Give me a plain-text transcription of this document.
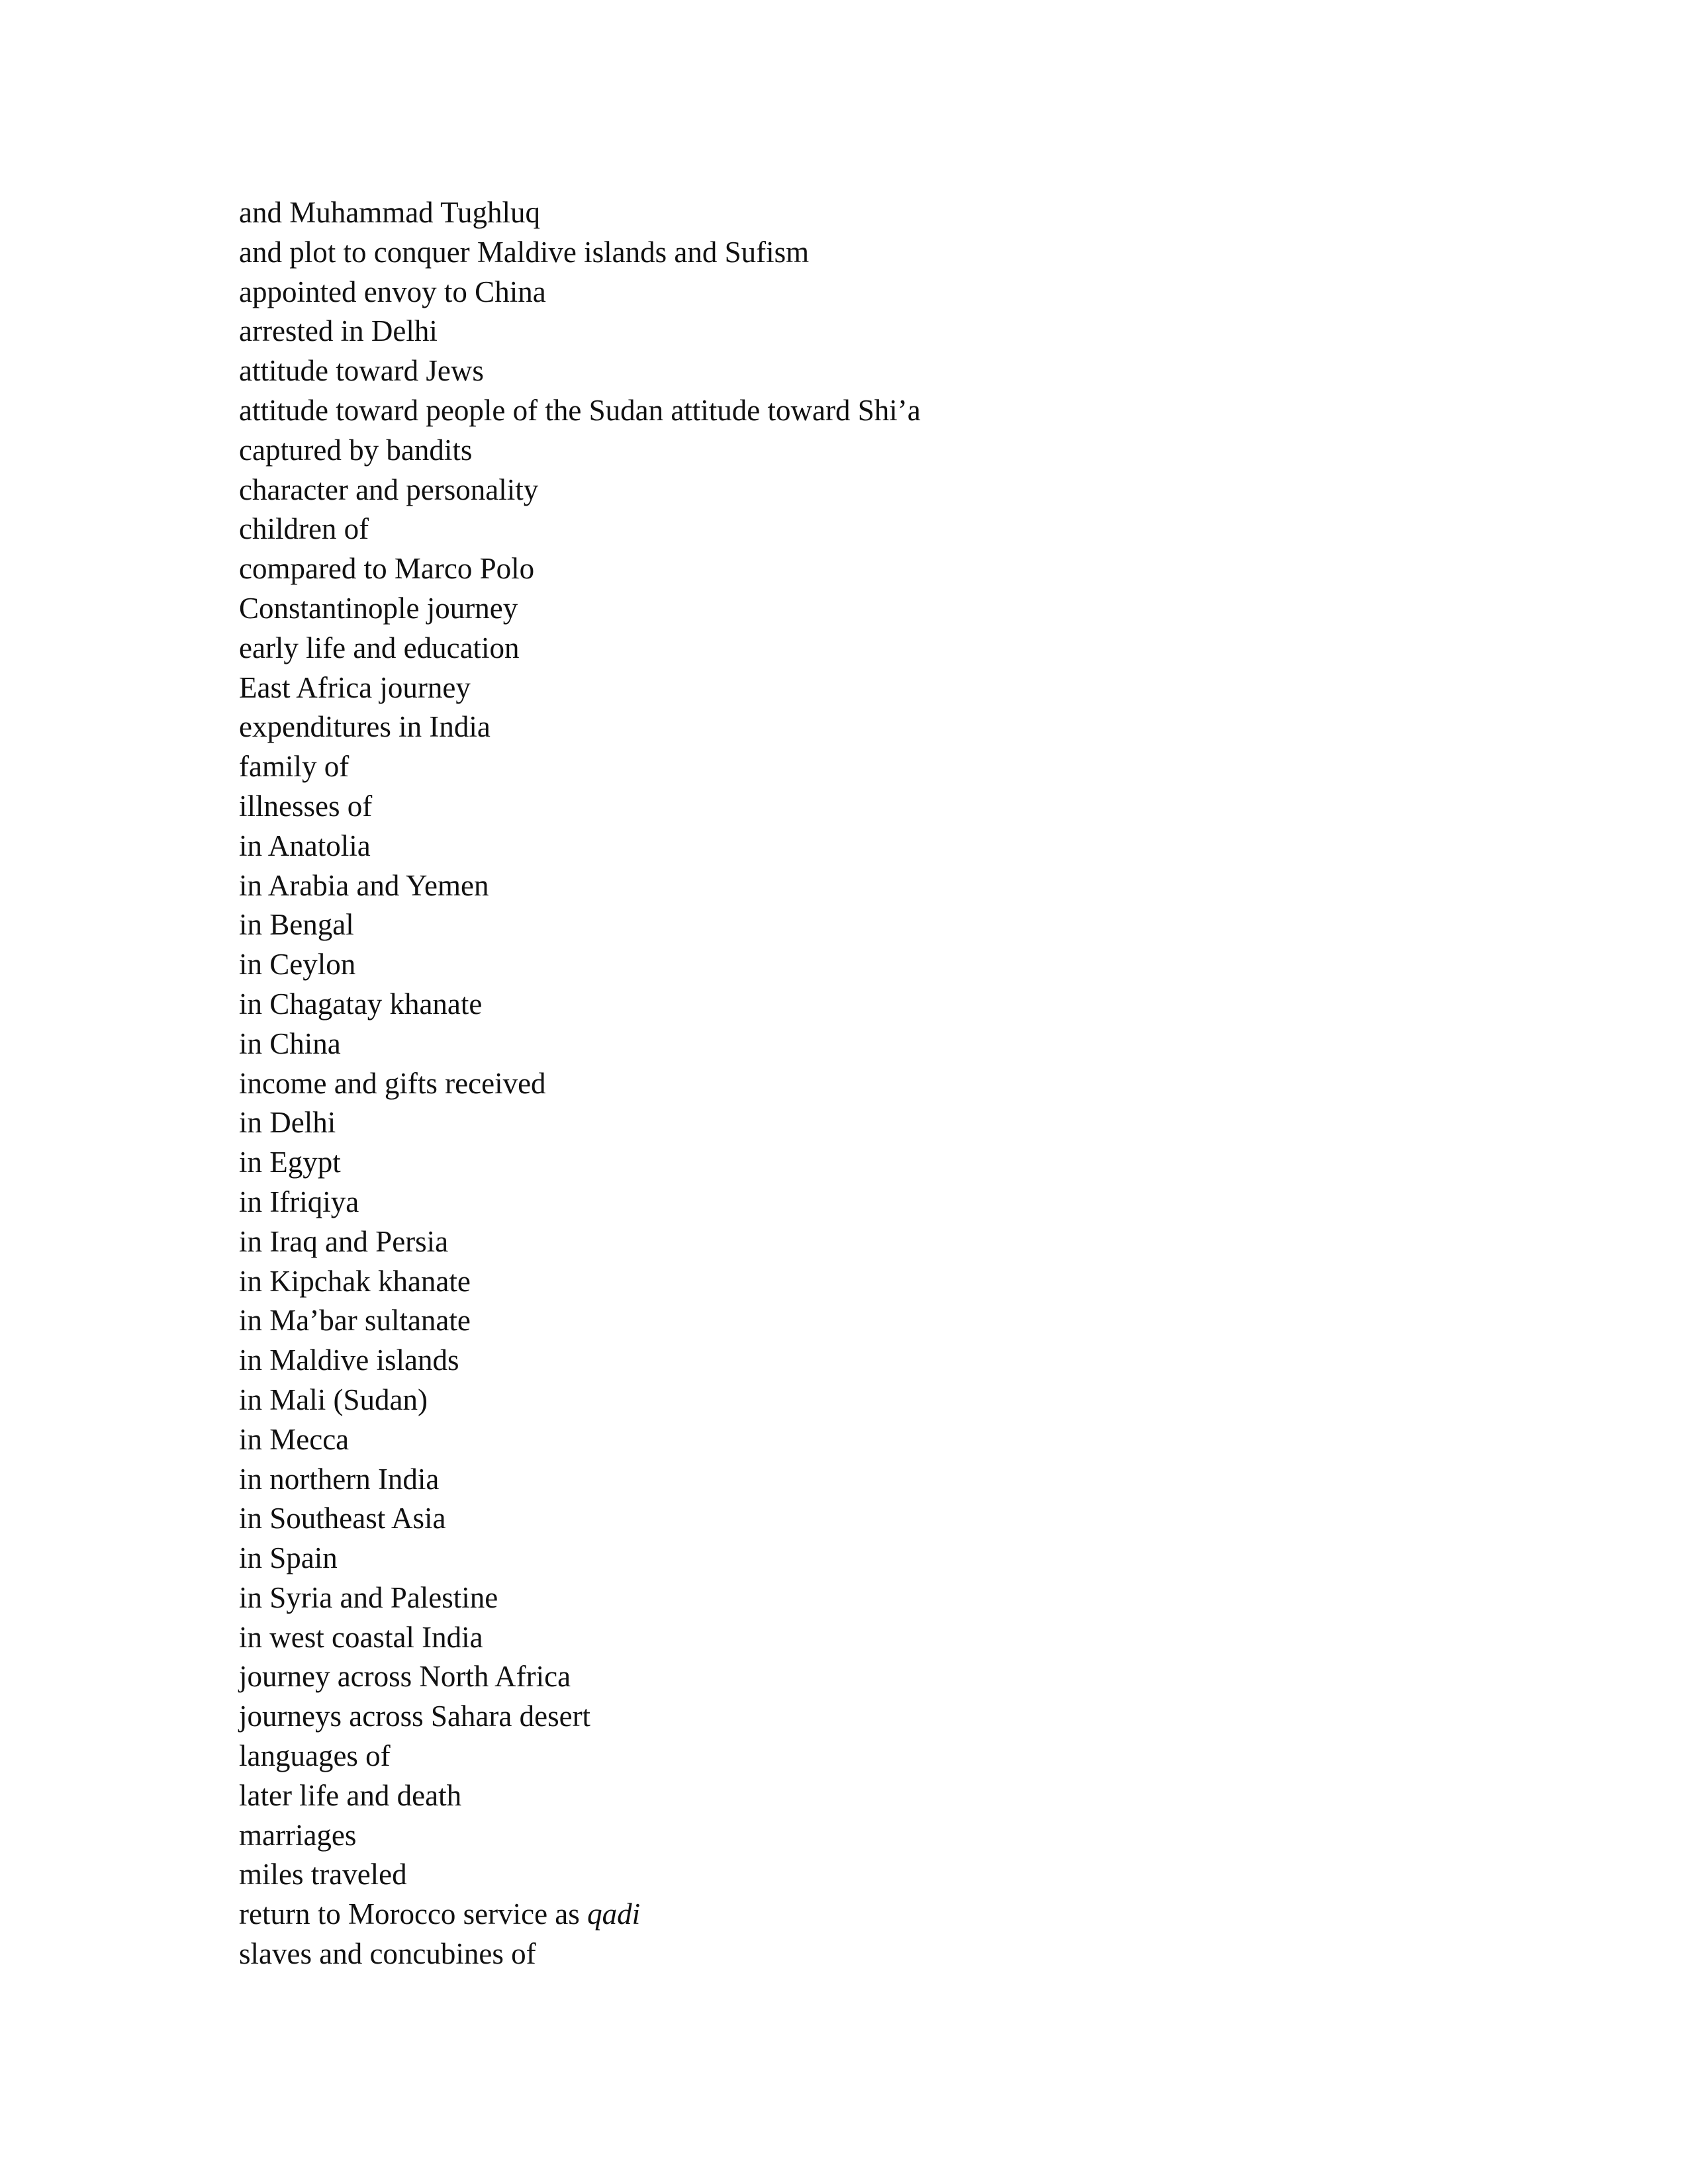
and Muhammad Tughluq
and plot to conquer Maldive islands and Sufism
appointed envoy to China
arrested in Delhi
attitude toward Jews
attitude toward people of the Sudan attitude toward Shi’a
captured by bandits
character and personality
children of
compared to Marco Polo
Constantinople journey
early life and education
East Africa journey
expenditures in India
family of
illnesses of
in Anatolia
in Arabia and Yemen
in Bengal
in Ceylon
in Chagatay khanate
in China
income and gifts received
in Delhi
in Egypt
in Ifriqiya
in Iraq and Persia
in Kipchak khanate
in Ma’bar sultanate
in Maldive islands
in Mali (Sudan)
in Mecca
in northern India
in Southeast Asia
in Spain
in Syria and Palestine
in west coastal India
journey across North Africa
journeys across Sahara desert
languages of
later life and death
marriages
miles traveled
return to Morocco service as qadi
slaves and concubines of
